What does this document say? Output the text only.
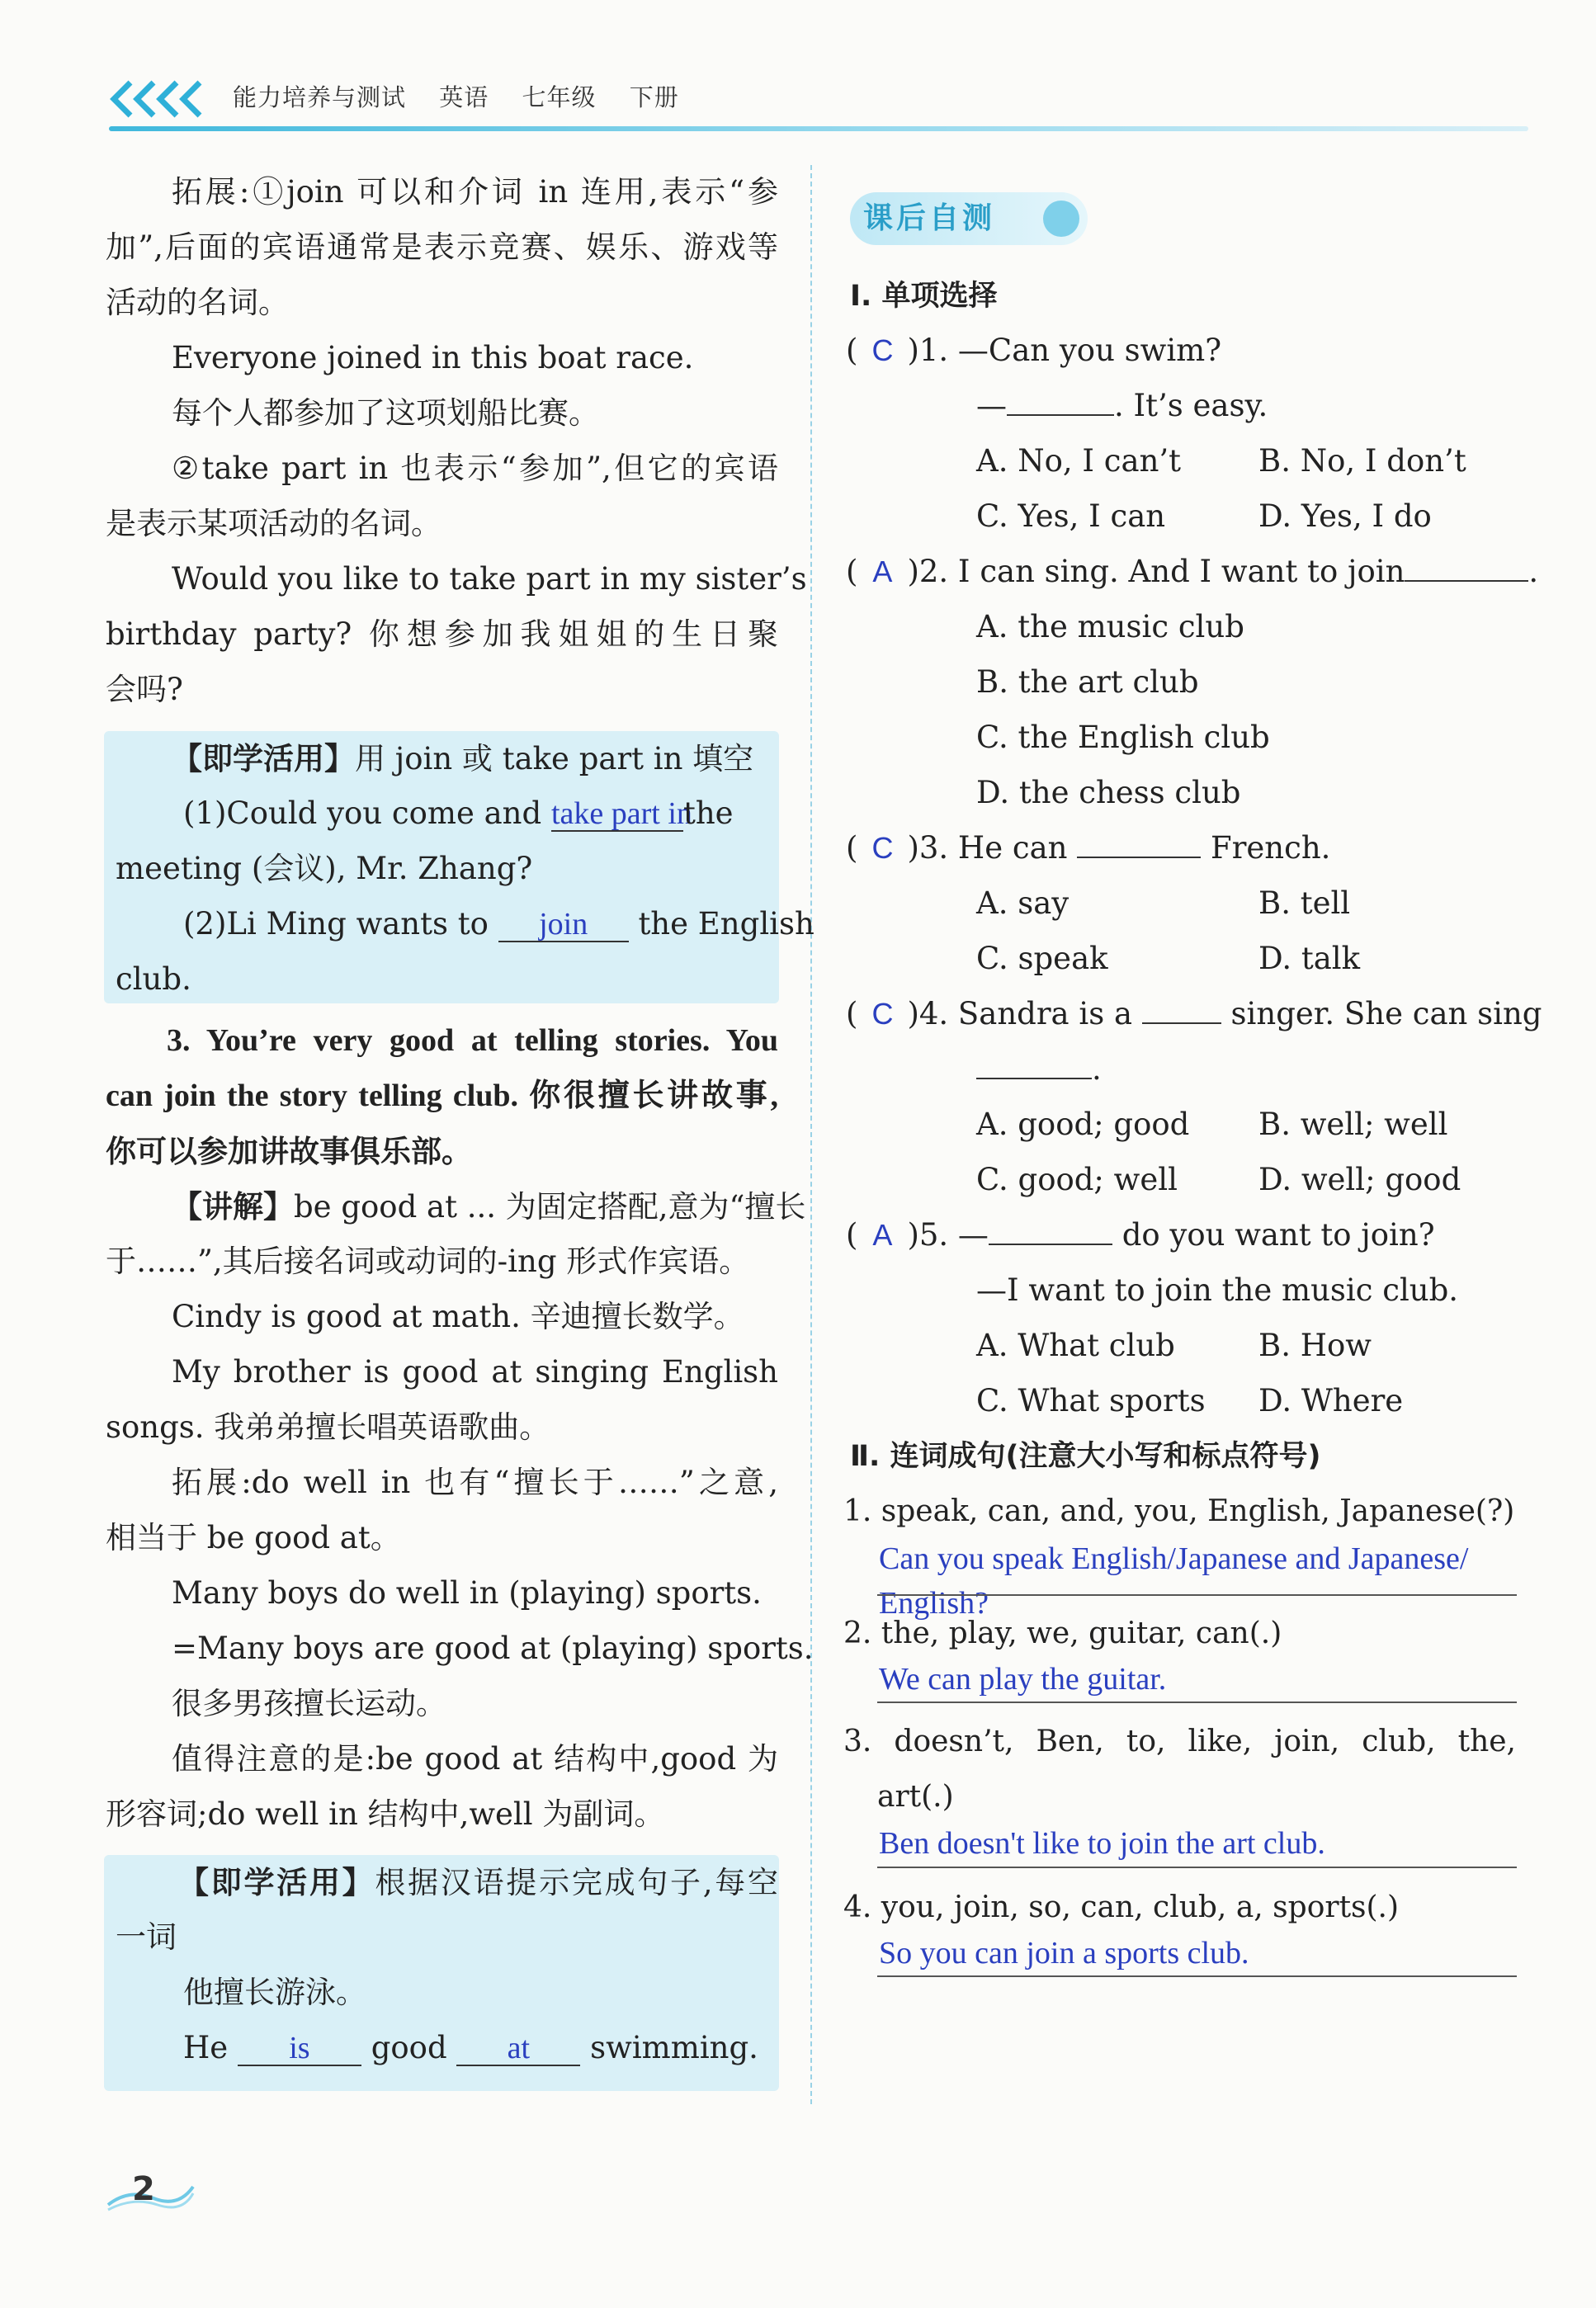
能力培养与测试 英语 七年级 下册
拓展:①join 可以和介词 in 连用,表示“参
加”,后面的宾语通常是表示竞赛、娱乐、游戏等
活动的名词。
Everyone joined in this boat race.
每个人都参加了这项划船比赛。
②take part in 也表示“参加”,但它的宾语
是表示某项活动的名词。
Would you like to take part in my sister’s
birthday party? 你想参加我姐姐的生日聚
会吗?
【即学活用】用 join 或 take part in 填空
(1)Could you come and take part inthe
meeting (会议), Mr. Zhang?
(2)Li Ming wants to join the English
club.
3. You’re very good at telling stories. You
can join the story telling club. 你很擅长讲故事,
你可以参加讲故事俱乐部。
【讲解】be good at ... 为固定搭配,意为“擅长
于……”,其后接名词或动词的-ing 形式作宾语。
Cindy is good at math. 辛迪擅长数学。
My brother is good at singing English
songs. 我弟弟擅长唱英语歌曲。
拓展:do well in 也有“擅长于……”之意,
相当于 be good at。
Many boys do well in (playing) sports.
=Many boys are good at (playing) sports.
很多男孩擅长运动。
值得注意的是:be good at 结构中,good 为
形容词;do well in 结构中,well 为副词。
【即学活用】根据汉语提示完成句子,每空
一词
他擅长游泳。
He is good at swimming.
2
课后自测
Ⅰ. 单项选择
( C )1. —Can you swim?
—	. It’s easy.
A. No, I can’t	B. No, I don’t
C. Yes, I can	D. Yes, I do
( A )2. I can sing. And I want to join	.
A. the music club
B. the art club
C. the English club
D. the chess club
( C )3. He can	French.
A. say	B. tell
C. speak	D. talk
( C )4. Sandra is a	singer. She can sing
.
A. good; good B. well; well
C. good; well	D. well; good
( A )5. —	do you want to join?
—I want to join the music club.
A. What club	B. How
C. What sports D. Where
Ⅱ. 连词成句(注意大小写和标点符号)
1. speak, can, and, you, English, Japanese(?)
Can you speak English/Japanese and Japanese/
English?
2. the, play, we, guitar, can(.)
We can play the guitar.
3. doesn’t, Ben, to, like, join, club, the,
art(.)
Ben doesn't like to join the art club.
4. you, join, so, can, club, a, sports(.)
So you can join a sports club.
